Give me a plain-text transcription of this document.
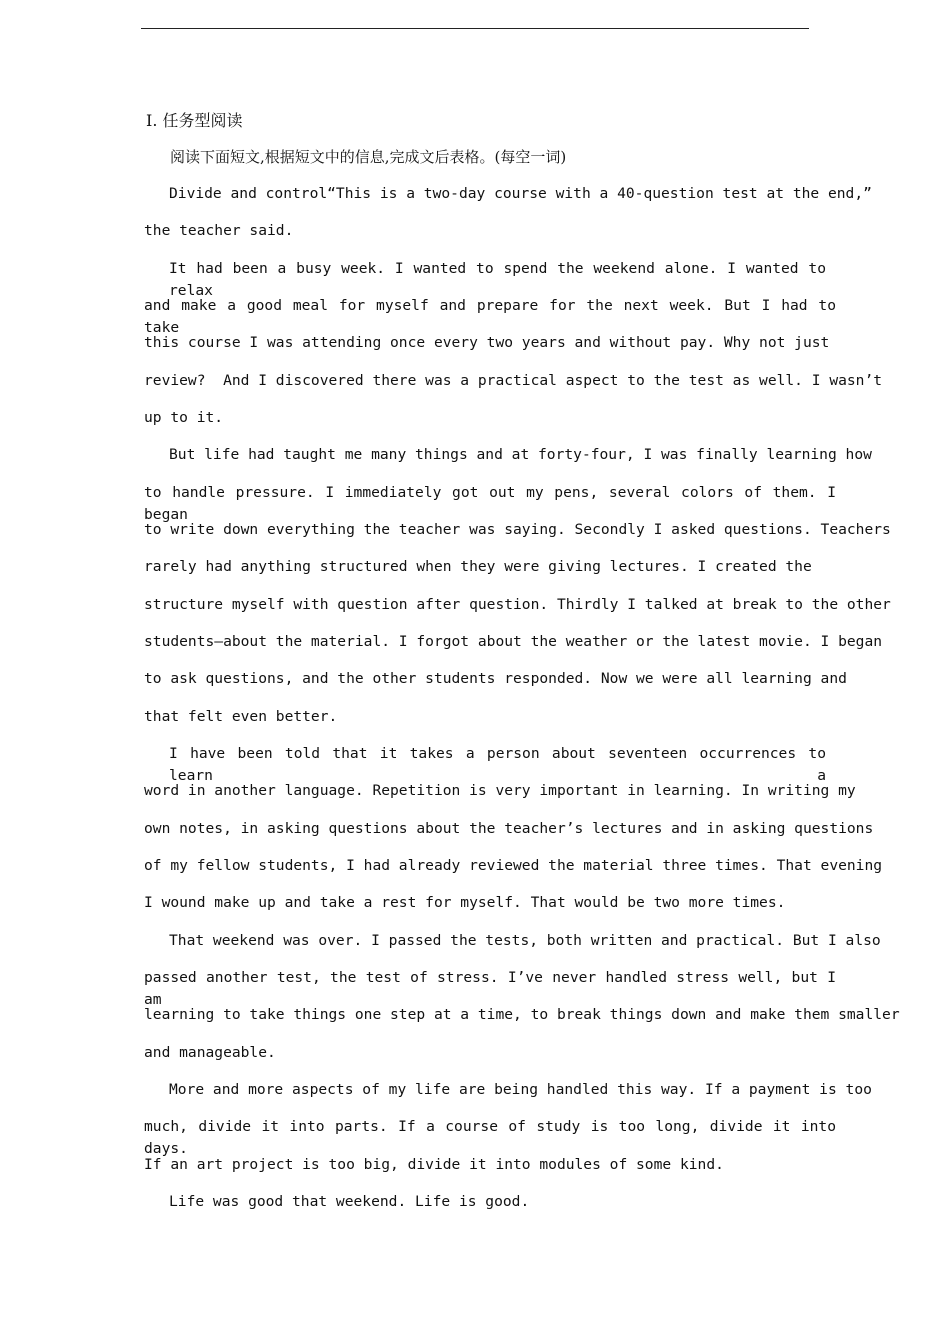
Ⅰ. 任务型阅读
阅读下面短文,根据短文中的信息,完成文后表格。(每空一词)
Divide and control“This is a two-day course with a 40-question test at the end,”
the teacher said.
It had been a busy week. I wanted to spend the weekend alone. I wanted to relax
and make a good meal for myself and prepare for the next week. But I had to take
this course I was attending once every two years and without pay. Why not just
review?  And I discovered there was a practical aspect to the test as well. I wasn’t
up to it.
But life had taught me many things and at forty-four, I was finally learning how
to handle pressure. I immediately got out my pens, several colors of them. I began
to write down everything the teacher was saying. Secondly I asked questions. Teachers
rarely had anything structured when they were giving lectures. I created the
structure myself with question after question. Thirdly I talked at break to the other
students—about the material. I forgot about the weather or the latest movie. I began
to ask questions, and the other students responded. Now we were all learning and
that felt even better.
I have been told that it takes a person about seventeen occurrences to learn a
word in another language. Repetition is very important in learning. In writing my
own notes, in asking questions about the teacher’s lectures and in asking questions
of my fellow students, I had already reviewed the material three times. That evening
I wound make up and take a rest for myself. That would be two more times.
That weekend was over. I passed the tests, both written and practical. But I also
passed another test, the test of stress. I’ve never handled stress well, but I am
learning to take things one step at a time, to break things down and make them smaller
and manageable.
More and more aspects of my life are being handled this way. If a payment is too
much, divide it into parts. If a course of study is too long, divide it into days.
If an art project is too big, divide it into modules of some kind.
Life was good that weekend. Life is good.
